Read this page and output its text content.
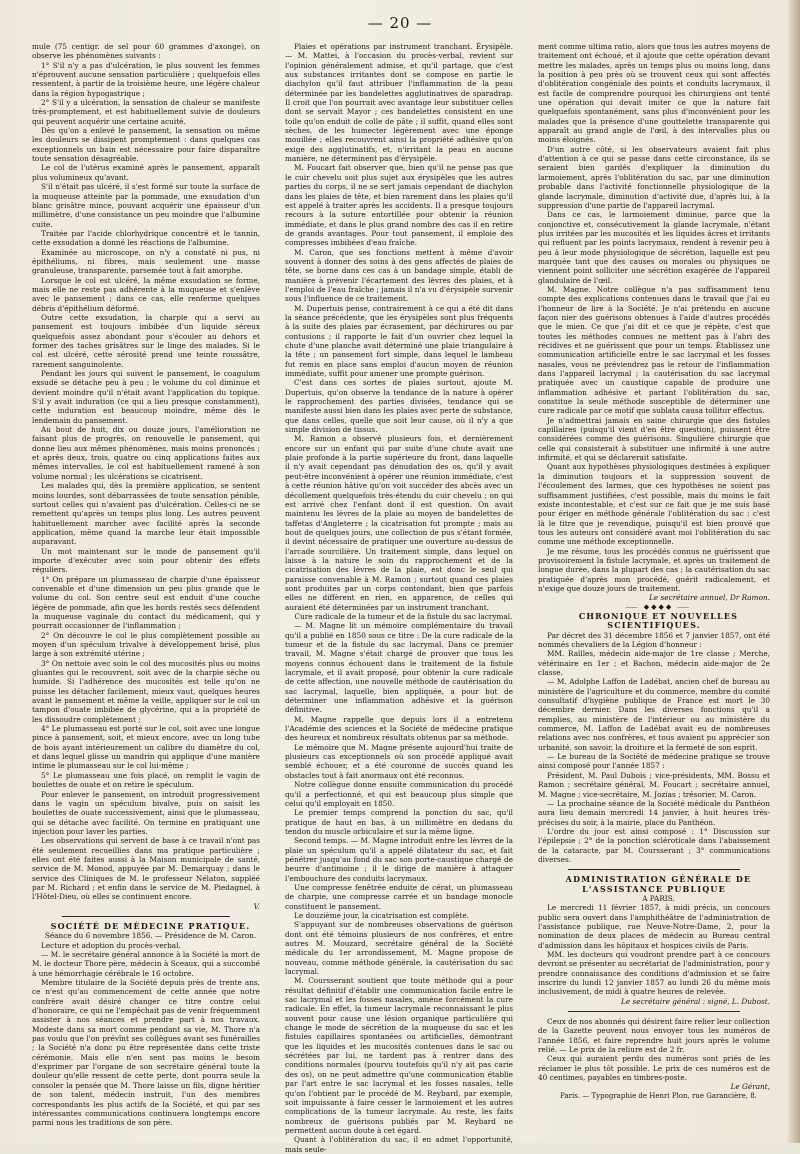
— 20 —

mule (75 centigr. de sel pour 60 grammes d'axonge), on observe les phénomènes suivants :

1° S'il n'y a pas d'ulcération, le plus souvent les femmes n'éprouvent aucune sensation particulière ; quelquefois elles ressentent, à partir de la troisième heure, une légère chaleur dans la région hypogastrique ;

2° S'il y a ulcération, la sensation de chaleur se manifeste très-promptement, et est habituellement suivie de douleurs qui peuvent acquérir une certaine acuité.

Dès qu'on a enlevé le pansement, la sensation ou même les douleurs se dissipent promptement : dans quelques cas exceptionnels un bain est nécessaire pour faire disparaître toute sensation désagréable.

Le col de l'utérus examiné après le pansement, apparaît plus volumineux qu'avant.

S'il n'était pas ulcéré, il s'est formé sur toute la surface de la muqueuse atteinte par la pommade, une exsudation d'un blanc grisâtre mince, pouvant acquérir une épaisseur d'un millimètre, d'une consistance un peu moindre que l'albumine cuite.

Traitée par l'acide chlorhydrique concentré et le tannin, cette exsudation a donné les réactions de l'albumine.

Examinée au microscope, on n'y a constaté ni pus, ni épithéliums, ni fibres, mais seulement une masse granuleuse, transparente, parsemée tout à fait amorphe.

Lorsque le col est ulcéré, la même exsudation se forme, mais elle ne reste pas adhérente à la muqueuse et s'enlève avec le pansement ; dans ce cas, elle renferme quelques débris d'épithélium déformé.

Outre cette exsudation, la charpie qui a servi au pansement est toujours imbibée d'un liquide séreux quelquefois assez abondant pour s'écouler au dehors et former des taches grisâtres sur le linge des malades. Si le col est ulcéré, cette sérosité prend une teinte roussâtre, rarement sanguinolente.

Pendant les jours qui suivent le pansement, le coagulum exsudé se détache peu à peu ; le volume du col diminue et devient moindre qu'il n'était avant l'application du topique. S'il y avait induration (ce qui a lieu presque constamment), cette induration est beaucoup moindre, même dès le lendemain du pansement.

Au bout de huit, dix ou douze jours, l'amélioration ne faisant plus de progrès, on renouvelle le pansement, qui donne lieu aux mêmes phénomènes, mais moins prononcés ; et après deux, trois, quatre ou cinq applications faites aux mêmes intervalles, le col est habituellement ramené à son volume normal ; les ulcérations se cicatrisent.

Les malades qui, dès la première application, se sentent moins lourdes, sont débarrassées de toute sensation pénible, surtout celles qui n'avaient pas d'ulcération. Celles-ci ne se remettent qu'après un temps plus long. Les autres peuvent habituellement marcher avec facilité après la seconde application, même quand la marche leur était impossible auparavant.

Un mot maintenant sur le mode de pansement qu'il importe d'exécuter avec soin pour obtenir des effets réguliers.

1° On prépare un plumasseau de charpie d'une épaisseur convenable et d'une dimension un peu plus grande que le volume du col. Son centre seul est enduit d'une couche légère de pommade, afin que les bords restés secs défendent la muqueuse vaginale du contact du médicament, qui y pourrait occasionner de l'inflammation ;

2° On découvre le col le plus complètement possible au moyen d'un spéculum trivalve à développement brisé, plus large à son extrémité utérine ;

3° On nettoie avec soin le col des mucosités plus ou moins gluantes qui le recouvrent, soit avec de la charpie sèche ou humide. Si l'adhérence des mucosités est telle qu'on ne puisse les détacher facilement, mieux vaut, quelques heures avant le pansement et même la veille, appliquer sur le col un tampon d'ouate imbibée de glycérine, qui a la propriété de les dissoudre complètement ;

4° Le plumasseau est porté sur le col, soit avec une longue pince à pansement, soit, et mieux encore, avec un long tube de bois ayant intérieurement un calibre du diamètre du col, et dans lequel glisse un mandrin qui applique d'une manière intime le plumasseau sur le col lui-même ;

5° Le plumasseau une fois placé, on remplit le vagin de boulettes de ouate et on retire le spéculum.

Pour enlever le pansement, on introduit progressivement dans le vagin un spéculum bivalve, puis on saisit les boulettes de ouate successivement, ainsi que le plumasseau, qui se détache avec facilité. On termine en pratiquant une injection pour laver les parties.

Les observations qui servent de base à ce travail n'ont pas été seulement recueillies dans ma pratique particulière ; elles ont été faites aussi à la Maison municipale de santé, service de M. Monod, appuyée par M. Demarquay ; dans le service des Cliniques de M. le professeur Nélaton, suppléé par M. Richard ; et enfin dans le service de M. Piedagnel, à l'Hôtel-Dieu, où elles se continuent encore.

V.

SOCIÉTÉ DE MÉDECINE PRATIQUE.

Séance du 6 novembre 1856. — Présidence de M. Caron.

Lecture et adoption du procès-verbal.

— M. le secrétaire général annonce à la Société la mort de M. le docteur Thore père, médecin à Sceaux, qui a succombé à une hémorrhagie cérébrale le 16 octobre.

Membre titulaire de la Société depuis près de trente ans, ce n'est qu'au commencement de cette année que notre confrère avait désiré changer ce titre contre celui d'honoraire, ce qui ne l'empêchait pas de venir fréquemment assister à nos séances et prendre part à nos travaux. Modeste dans sa mort comme pendant sa vie, M. Thore n'a pas voulu que l'on prévînt ses collègues avant ses funérailles ; la Société n'a donc pu être représentée dans cette triste cérémonie. Mais elle n'en sent pas moins le besoin d'exprimer par l'organe de son secrétaire général toute la douleur qu'elle ressent de cette perte, dont pourra seule la consoler la pensée que M. Thore laisse un fils, digne héritier de son talent, médecin instruit, l'un des membres correspondants les plus actifs de la Société, et qui par ses intéressantes communications continuera longtemps encore parmi nous les traditions de son père.

Plaies et opérations par instrument tranchant. Érysipèle. — M. Mattei, à l'occasion du procès-verbal, revient sur l'opinion généralement admise, et qu'il partage, que c'est aux substances irritantes dont se compose en partie le diachylon qu'il faut attribuer l'inflammation de la peau déterminée par les bandelettes agglutinatives de sparadrap. Il croit que l'on pourrait avec avantage leur substituer celles dont se servait Mayor ; ces bandelettes consistent en une toile qu'on enduit de colle de pâte ; il suffit, quand elles sont sèches, de les humecter légèrement avec une éponge mouillée ; elles recouvrent ainsi la propriété adhésive qu'on exige des agglutinatifs, et, n'irritant la peau en aucune manière, ne déterminent pas d'érysipèle.

M. Foucart fait observer que, bien qu'il ne pense pas que le cuir chevelu soit plus sujet aux érysipèles que les autres parties du corps, il ne se sert jamais cependant de diachylon dans les plaies de tête, et bien rarement dans les plaies qu'il est appelé à traiter après les accidents. Il a presque toujours recours à la suture entortillée pour obtenir la réunion immédiate, et dans le plus grand nombre des cas il en retire de grands avantages. Pour tout pansement, il emploie des compresses imbibées d'eau fraîche.

M. Caron, que ses fonctions mettent à même d'avoir souvent à donner des soins à des gens affectés de plaies de tête, se borne dans ces cas à un bandage simple, établi de manière à prévenir l'écartement des lèvres des plaies, et à l'emploi de l'eau fraîche ; jamais il n'a vu d'érysipèle survenir sous l'influence de ce traitement.

M. Dupertuis pense, contrairement à ce qui a été dit dans la séance précédente, que les érysipèles sont plus fréquents à la suite des plaies par écrasement, par déchirures ou par contusions ; il rapporte le fait d'un ouvrier chez lequel la chute d'une planche avait déterminé une plaie triangulaire à la tête ; un pansement fort simple, dans lequel le lambeau fut remis en place sans emploi d'aucun moyen de réunion immédiate, suffit pour amener une prompte guérison.

C'est dans ces sortes de plaies surtout, ajoute M. Dupertuis, qu'on observe la tendance de la nature à opérer le rapprochement des parties divisées, tendance qui se manifeste aussi bien dans les plaies avec perte de substance, que dans celles, quelle que soit leur cause, où il n'y a que simple division de tissus.

M. Ramon a observé plusieurs fois, et dernièrement encore sur un enfant qui par suite d'une chute avait une plaie profonde à la partie supérieure du front, dans laquelle il n'y avait cependant pas dénudation des os, qu'il y avait peut-être inconvénient à opérer une réunion immédiate, c'est à cette réunion hâtive qu'on voit succéder des abcès avec un décollement quelquefois très-étendu du cuir chevelu ; on qui est arrivé chez l'enfant dont il est question. On avait maintenu les lèvres de la plaie au moyen de bandelettes de taffetas d'Angleterre ; la cicatrisation fut prompte ; mais au bout de quelques jours, une collection de pus s'étant formée, il devint nécessaire de pratiquer une ouverture au-dessus de l'arcade sourcilière. Un traitement simple, dans lequel on laisse à la nature le soin du rapprochement et de la cicatrisation des lèvres de la plaie, est donc le seul qui paraisse convenable à M. Ramon ; surtout quand ces plaies sont produites par un corps contondant, bien que parfois elles ne diffèrent en rien, en apparence, de celles qui auraient été déterminées par un instrument tranchant.

Cure radicale de la tumeur et de la fistule du sac lacrymal.

— M. Magne lit un mémoire complémentaire du travail qu'il a publié en 1850 sous ce titre : De la cure radicale de la tumeur et de la fistule du sac lacrymal. Dans ce premier travail, M. Magne s'était chargé de prouver que tous les moyens connus échouent dans le traitement de la fistule lacrymale, et il avait proposé, pour obtenir la cure radicale de cette affection, une nouvelle méthode de cautérisation du sac lacrymal, laquelle, bien appliquée, a pour but de déterminer une inflammation adhésive et la guérison définitive.

M. Magne rappelle que depuis lors il a entretenu l'Académie des sciences et la Société de médecine pratique des heureux et nombreux résultats obtenus par sa méthode.

Le mémoire que M. Magne présente aujourd'hui traite de plusieurs cas exceptionnels où son procédé appliqué avait semblé échouer, et a été couronné de succès quand les obstacles tout à fait anormaux ont été reconnus.

Notre collègue donne ensuite communication du procédé qu'il a perfectionné, et qui est beaucoup plus simple que celui qu'il employait en 1850.

Le premier temps comprend la ponction du sac, qu'il pratique de haut en bas, à un millimètre en dedans du tendon du muscle orbiculaire et sur la même ligne.

Second temps. — M. Magne introduit entre les lèvres de la plaie un spéculum qu'il a appelé dilatateur du sac, et fait pénétrer jusqu'au fond du sac son porte-caustique chargé de beurre d'antimoine ; il le dirige de manière à attaquer l'embouchure des conduits lacrymaux.

Une compresse fenêtrée enduite de cérat, un plumasseau de charpie, une compresse carrée et un bandage monocle constituent le pansement.

Le douzième jour, la cicatrisation est complète.

S'appuyant sur de nombreuses observations de guérison dont ont été témoins plusieurs de nos confrères, et entre autres M. Mouzard, secrétaire général de la Société médicale du 1er arrondissement, M. Magne propose de nouveau, comme méthode générale, la cautérisation du sac lacrymal.

M. Coursserant soutient que toute méthode qui a pour résultat définitif d'établir une communication facile entre le sac lacrymal et les fosses nasales, amène forcément la cure radicale. En effet, la tumeur lacrymale reconnaissant le plus souvent pour cause une lésion organique particulière qui change le mode de sécrétion de la muqueuse du sac et les fistules capillaires spontanées ou artificielles, démontrant que les liquides et les mucosités contenues dans le sac ou sécrétées par lui, ne tardent pas à rentrer dans des conditions normales (pourvu toutefois qu'il n'y ait pas carie des os), on ne peut admettre qu'une communication établie par l'art entre le sac lacrymal et les fosses nasales, telle qu'on l'obtient par le procédé de M. Reybard, par exemple, soit impuissante à faire cesser le larmoiement et les autres complications de la tumeur lacrymale. Au reste, les faits nombreux de guérisons publiés par M. Reybard ne permettent aucun doute à cet égard.

Quant à l'oblitération du sac, il en admet l'opportunité, mais seule-

ment comme ultima ratio, alors que tous les autres moyens de traitement ont échoué, et il ajoute que cette opération devant mettre les malades, après un temps plus ou moins long, dans la position à peu près où se trouvent ceux qui sont affectés d'oblitération congéniale des points et conduits lacrymaux, il est facile de comprendre pourquoi les chirurgiens ont tenté une opération qui devait imiter ce que la nature fait quelquefois spontanément, sans plus d'inconvénient pour les malades que la présence d'une gouttelette transparente qui apparaît au grand angle de l'œil, à des intervalles plus ou moins éloignés.

D'un autre côté, si les observateurs avaient fait plus d'attention à ce qui se passe dans cette circonstance, ils se seraient bien gardés d'expliquer la diminution du larmoiement, après l'oblitération du sac, par une diminution probable dans l'activité fonctionnelle physiologique de la glande lacrymale, diminution d'activité due, d'après lui, à la suppression d'une partie de l'appareil lacrymal.

Dans ce cas, le larmoiement diminue, parce que la conjonctive et, consécutivement la glande lacrymale, n'étant plus irritées par les mucosités et les liquides âcres et irritants qui refluent par les points lacrymaux, rendent à revenir peu à peu à leur mode physiologique de sécrétion, laquelle est peu marquée tant que des causes ou morales ou physiques ne viennent point solliciter une sécrétion exagérée de l'appareil glandulaire de l'œil.

M. Magne. Notre collègue n'a pas suffisamment tenu compte des explications contenues dans le travail que j'ai eu l'honneur de lire à la Société. Je n'ai prétendu en aucune façon nier des guérisons obtenues à l'aide d'autres procédés que le mien. Ce que j'ai dit et ce que je répète, c'est que toutes les méthodes connues ne mettent pas à l'abri des récidives et ne guérissent que pour un temps. Établissez une communication artificielle entre le sac lacrymal et les fosses nasales, vous ne préviendrez pas le retour de l'inflammation dans l'appareil lacrymal ; la cautérisation du sac lacrymal pratiquée avec un caustique capable de produire une inflammation adhésive et partant l'oblitération du sac, constitue la seule méthode susceptible de déterminer une cure radicale par ce motif que sublata causa tollitur effectus.

Je n'admettrai jamais en saine chirurgie que des fistules capillaires (puisqu'il vient d'en être question), puissent être considérées comme des guérisons. Singulière chirurgie que celle qui consisterait à substituer une infirmité à une autre infirmité, et qui se déclarerait satisfaite.

Quant aux hypothèses physiologiques destinées à expliquer la diminution toujours et la suppression souvent de l'écoulement des larmes, que ces hypothèses ne soient pas suffisamment justifiées, c'est possible, mais du moins le fait existe incontestable, et c'est sur ce fait que je me suis basé pour ériger en méthode générale l'oblitération du sac : c'est là le titre que je revendique, puisqu'il est bien prouvé que tous les auteurs ont considéré avant moi l'oblitération du sac comme une méthode exceptionnelle.

Je me résume, tous les procédés connus ne guérissent que provisoirement la fistule lacrymale, et après un traitement de longue durée, dans la plupart des cas ; la cautérisation du sac pratiquée d'après mon procédé, guérit radicalement, et n'exige que douze jours de traitement.

Le secrétaire annuel, Dr Ramon.

⸺ ◆◆◆◆ ⸺

CHRONIQUE ET NOUVELLES SCIENTIFIQUES.

Par décret des 31 décembre 1856 et 7 janvier 1857, ont été nommés chevaliers de la Légion d'honneur :

MM. Raïlles, médecin aide-major de 1re classe ; Merche, vétérinaire en 1er ; et Bachon, médecin aide-major de 2e classe.

— M. Adolphe Laffon de Ladébat, ancien chef de bureau au ministère de l'agriculture et du commerce, membre du comité consultatif d'hygiène publique de France est mort le 30 décembre dernier. Dans les diverses fonctions qu'il a remplies, au ministère de l'intérieur ou au ministère du commerce, M. Laffon de Ladébat avait eu de nombreuses relations avec nos confrères, et tous avaient pu apprécier son urbanité, son savoir, la droiture et la fermeté de son esprit.

— Le bureau de la Société de médecine pratique se trouve ainsi composé pour l'année 1857 :

Président, M. Paul Dubois ; vice-présidents, MM. Bossu et Ramon ; secrétaire général, M. Foucart ; secrétaire annuel, M. Magne ; vice-secrétaire, M. Jozias ; trésorier, M. Caron.

— La prochaine séance de la Société médicale du Panthéon aura lieu demain mercredi 14 janvier, à huit heures très-précises du soir, à la mairie, place du Panthéon.

L'ordre du jour est ainsi composé : 1° Discussion sur l'épilepsie ; 2° de la ponction scléroticale dans l'abaissement de la cataracte, par M. Coursserant ; 3° communications diverses.

ADMINISTRATION GÉNÉRALE DE L'ASSISTANCE PUBLIQUE

A PARIS.

Le mercredi 11 février 1857, à midi précis, un concours public sera ouvert dans l'amphithéâtre de l'administration de l'assistance publique, rue Neuve-Notre-Dame, 2, pour la nomination de deux places de médecin au Bureau central d'admission dans les hôpitaux et hospices civils de Paris.

MM. les docteurs qui voudront prendre part à ce concours devront se présenter au secrétariat de l'administration, pour y prendre connaissance des conditions d'admission et se faire inscrire du lundi 12 janvier 1857 au lundi 26 du même mois inclusivement, de midi à quatre heures de relevée.

Le secrétaire général : signé, L. Dubost.

Ceux de nos abonnés qui désirent faire relier leur collection de la Gazette peuvent nous envoyer tous les numéros de l'année 1856, et faire reprendre huit jours après le volume relié. — Le prix de la reliure est de 2 fr.

Ceux qui auraient perdu des numéros sont priés de les réclamer le plus tôt possible. Le prix de ces numéros est de 40 centimes, payables en timbres-poste.

Le Gérant,

Paris. — Typographie de Henri Plon, rue Garancière, 8.
